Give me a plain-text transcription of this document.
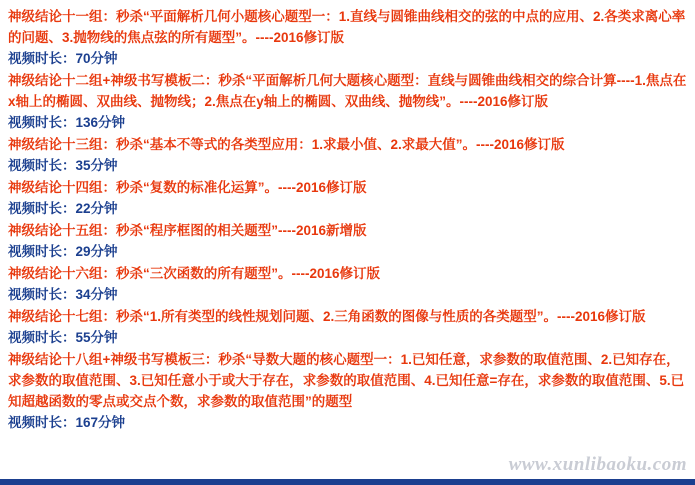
神级结论十一组：秒杀“平面解析几何小题核心题型一：1.直线与圆锥曲线相交的弦的中点的应用、2.各类求离心率的问题、3.抛物线的焦点弦的所有题型”。----2016修订版
视频时长：70分钟
神级结论十二组+神级书写模板二：秒杀“平面解析几何大题核心题型：直线与圆锥曲线相交的综合计算----1.焦点在x轴上的椭圆、双曲线、抛物线；2.焦点在y轴上的椭圆、双曲线、抛物线”。----2016修订版
视频时长：136分钟
神级结论十三组：秒杀“基本不等式的各类型应用：1.求最小值、2.求最大值”。----2016修订版
视频时长：35分钟
神级结论十四组：秒杀“复数的标准化运算”。----2016修订版
视频时长：22分钟
神级结论十五组：秒杀“程序框图的相关题型”----2016新增版
视频时长：29分钟
神级结论十六组：秒杀“三次函数的所有题型”。----2016修订版
视频时长：34分钟
神级结论十七组：秒杀“1.所有类型的线性规划问题、2.三角函数的图像与性质的各类题型”。----2016修订版
视频时长：55分钟
神级结论十八组+神级书写模板三：秒杀“导数大题的核心题型一：1.已知任意，求参数的取值范围、2.已知存在，求参数的取值范围、3.已知任意小于或大于存在，求参数的取值范围、4.已知任意=存在，求参数的取值范围、5.已知超越函数的零点或交点个数，求参数的取值范围”的题型
视频时长：167分钟
www.xunlibaoku.com
